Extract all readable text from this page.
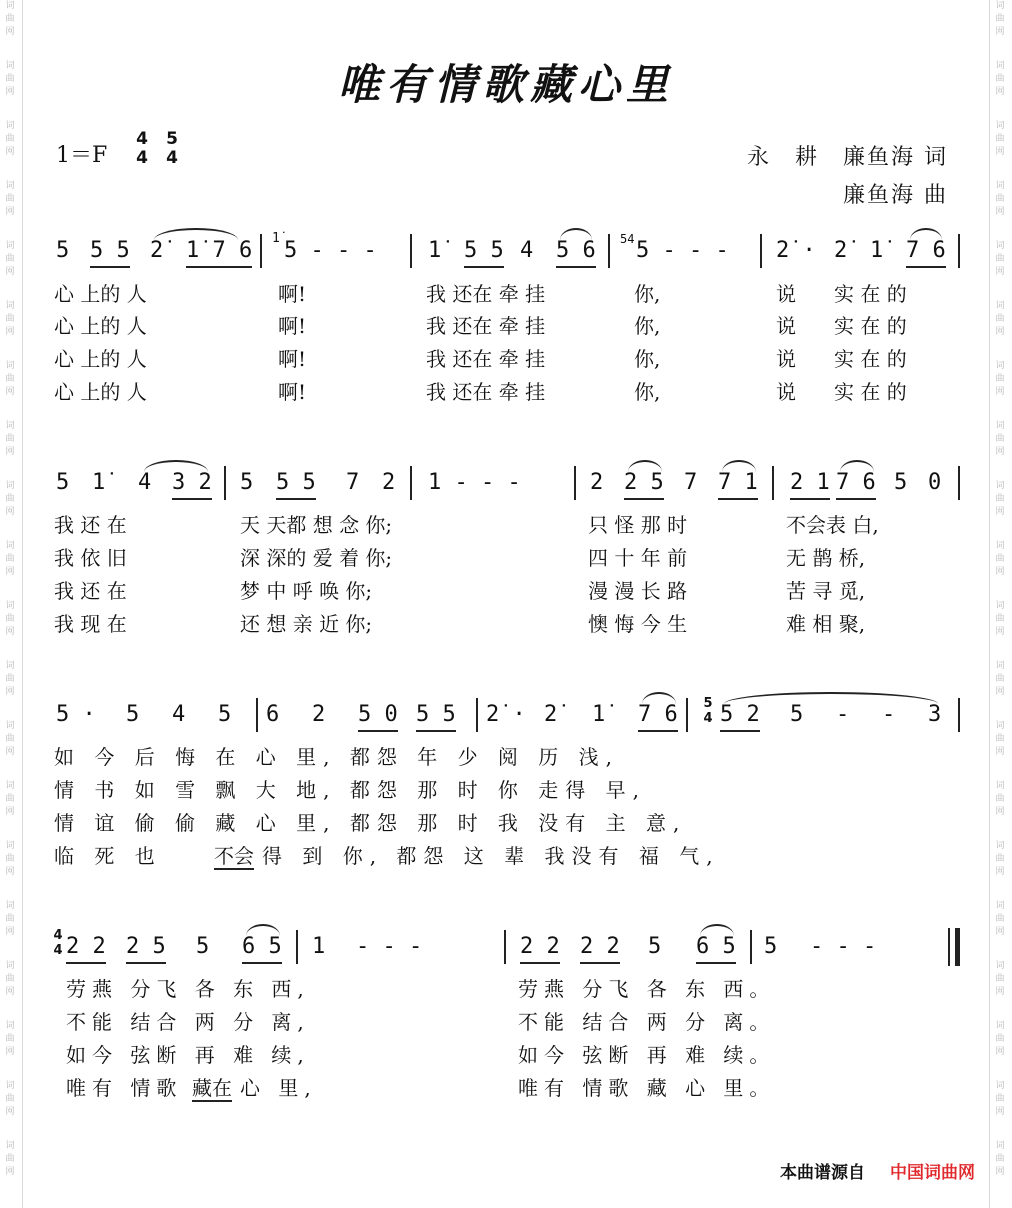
词
曲
网
词
曲
网
词
曲
网
词
曲
网
词
曲
网
词
曲
网
词
曲
网
词
曲
网
词
曲
网
词
曲
网
词
曲
网
词
曲
网
词
曲
网
词
曲
网
词
曲
网
词
曲
网
词
曲
网
词
曲
网
词
曲
网
词
曲
网
词
曲
网
词
曲
网
词
曲
网
词
曲
网
词
曲
网
词
曲
网
词
曲
网
词
曲
网
词
曲
网
词
曲
网
词
曲
网
词
曲
网
词
曲
网
词
曲
网
词
曲
网
词
曲
网
词
曲
网
词
曲
网
词
曲
网
词
曲
网
唯有情歌藏心里
1＝F
4
4
5
4	永　耕　廉鱼海 词
廉鱼海 曲
5 5 5 2̇ 1̇ 7 6 1̇ 5 - - - 1̇ 5 5 4 5 6 54 5 - - - 2̇ · 2̇ 1̇ 7 6
心 上的 人	啊!	我 还在 牵 挂	你,	说 实 在 的
心 上的 人	啊!	我 还在 牵 挂	你,	说 实 在 的
心 上的 人	啊!	我 还在 牵 挂	你,	说 实 在 的
心 上的 人	啊!	我 还在 牵 挂	你,	说 实 在 的
5 1̇ 4 3 2 5 5 5 7 2 1 - - -	2 2 5 7 7 1 2 1 7 6 5 0
我 还 在	天 天都 想 念 你;	只 怪 那 时	不会表 白,
我 依 旧	深 深的 爱 着 你;	四 十 年 前	无 鹊 桥,
我 还 在	梦 中 呼 唤 你;	漫 漫 长 路	苦 寻 觅,
我 现 在	还 想 亲 近 你;	懊 悔 今 生	难 相 聚,
5 · 5 4 5 6 2 5 0 5 5 2̇ · 2̇ 1̇ 7 6 5 2 5 - - 3
5
4
如 今 后 悔 在 心 里, 都怨 年 少 阅 历 浅,
情 书 如 雪 飘 大 地, 都怨 那 时 你 走得 早,
情 谊 偷 偷 藏 心 里, 都怨 那 时 我 没有 主 意,
临 死 也	不会 得 到 你, 都怨 这 辈 我没有 福 气,
4
4 2 2 2 5 5 6 5 1 - - -	2 2 2 2 5 6 5 5 - - -
劳燕 分飞 各 东 西,	劳燕 分飞 各 东 西。
不能 结合 两 分 离,	不能 结合 两 分 离。
如今 弦断 再 难 续,	如今 弦断 再 难 续。
唯有 情歌 藏在 心 里,	唯有 情歌 藏 心 里。
本曲谱源自 中国词曲网
